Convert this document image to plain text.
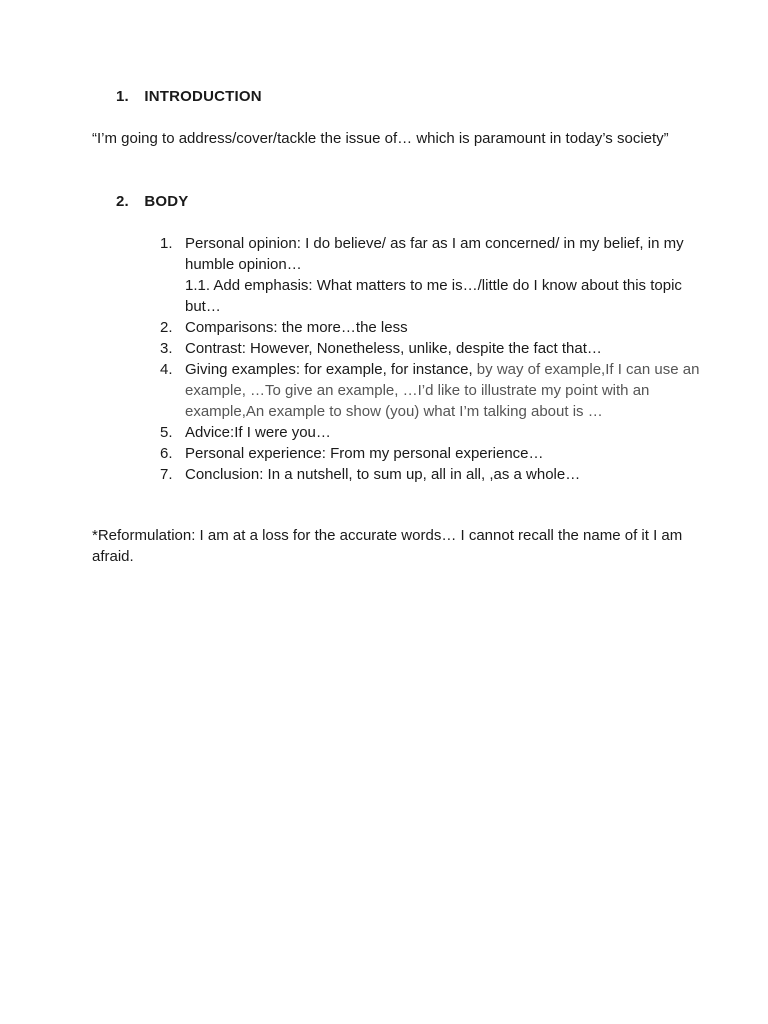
1. INTRODUCTION

“I’m going to address/cover/tackle the issue of… which is paramount in today’s society”

2. BODY
1. Personal opinion: I do believe/ as far as I am concerned/ in my belief, in my humble opinion…
1.1. Add emphasis: What matters to me is…/little do I know about this topic but…
2. Comparisons: the more…the less
3. Contrast: However, Nonetheless, unlike, despite the fact that…
4. Giving examples: for example, for instance, by way of example,If I can use an example, …To give an example, …I’d like to illustrate my point with an example,An example to show (you) what I’m talking about is …
5. Advice:If I were you…
6. Personal experience: From my personal experience…
7. Conclusion: In a nutshell, to sum up, all in all, ,as a whole…

*Reformulation: I am at a loss for the accurate words… I cannot recall the name of it I am afraid.
